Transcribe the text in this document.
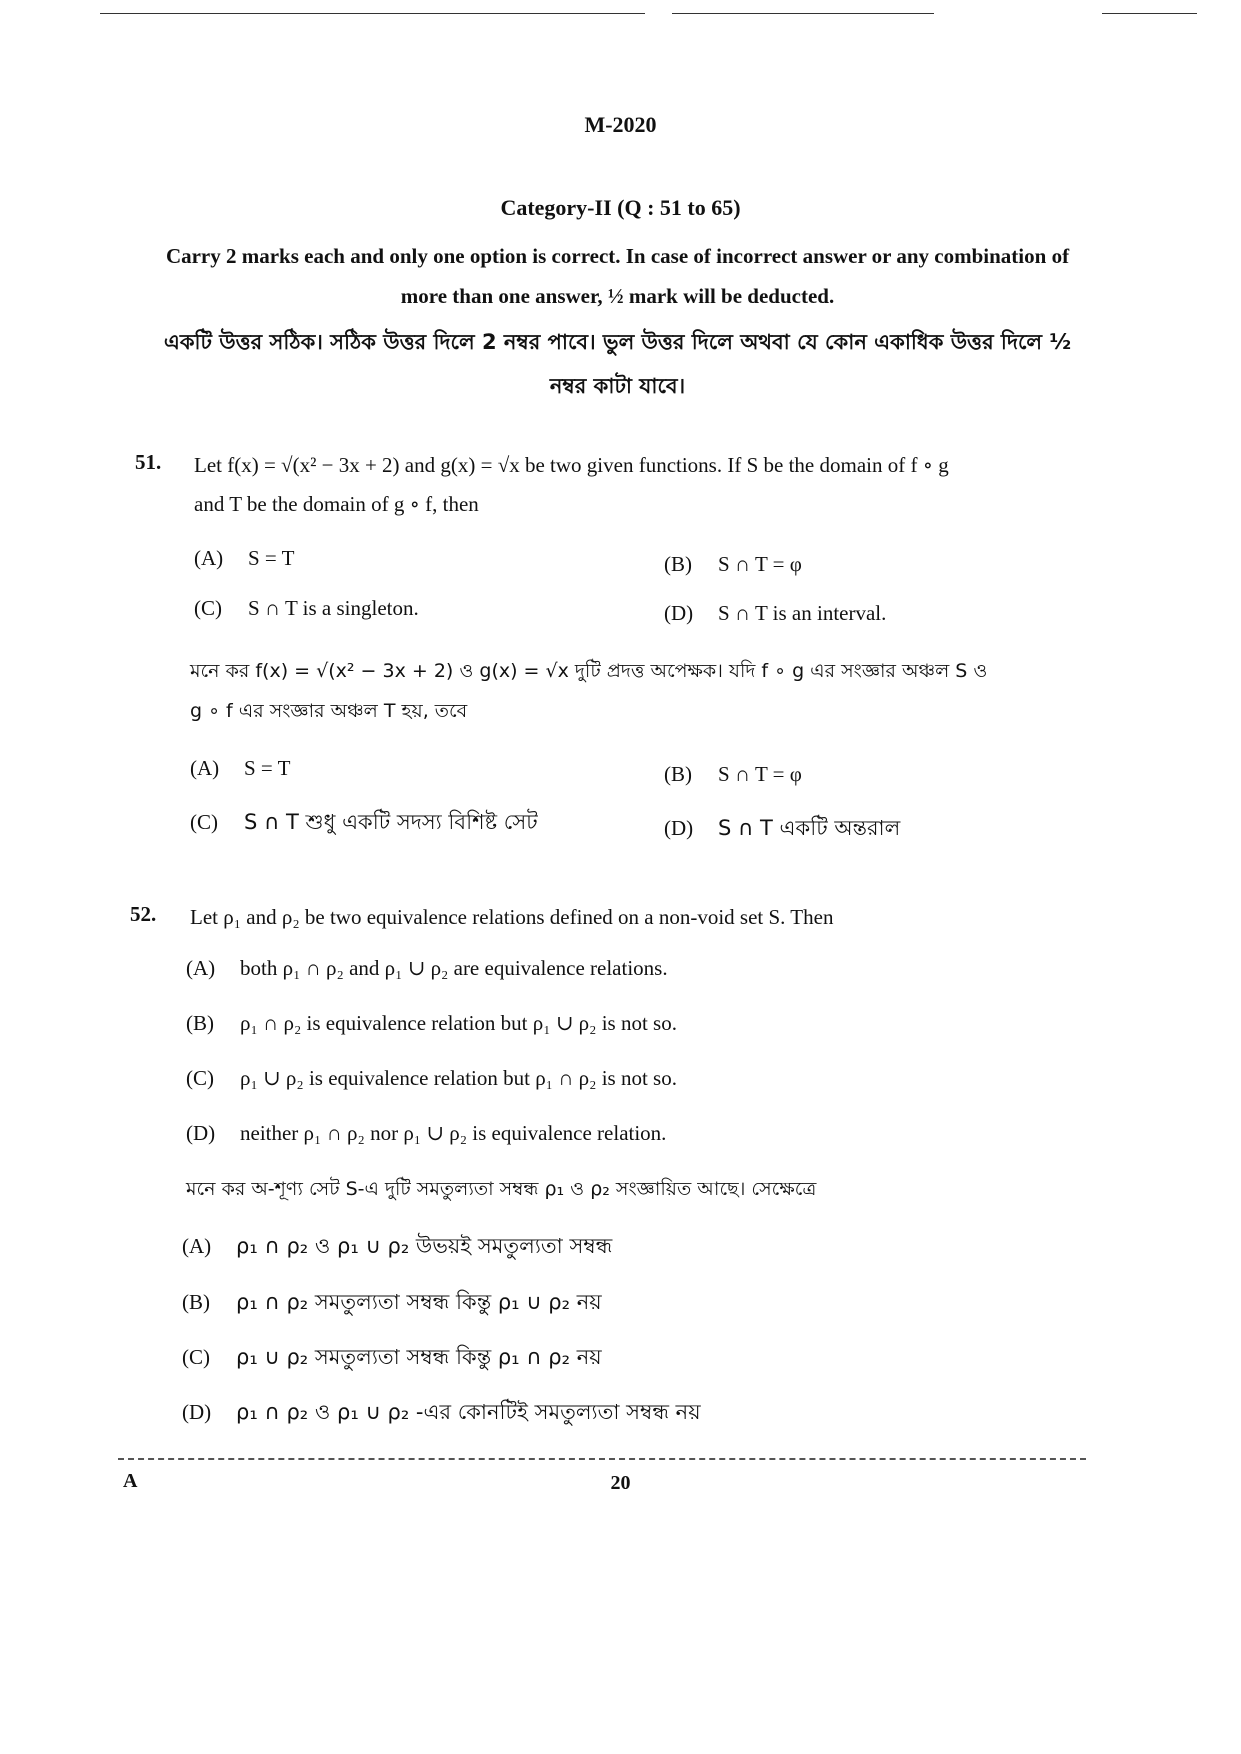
M-2020
Category-II (Q : 51 to 65)
Carry 2 marks each and only one option is correct. In case of incorrect answer or any combination of more than one answer, ½ mark will be deducted.
একটি উত্তর সঠিক। সঠিক উত্তর দিলে 2 নম্বর পাবে। ভুল উত্তর দিলে অথবা যে কোন একাধিক উত্তর দিলে ½ নম্বর কাটা যাবে।
51. Let f(x) = √(x² − 3x + 2) and g(x) = √x be two given functions. If S be the domain of f ∘ g
and T be the domain of g ∘ f, then
(A) S = T	(B) S ∩ T = φ
(C) S ∩ T is a singleton.	(D) S ∩ T is an interval.
মনে কর f(x) = √(x² − 3x + 2) ও g(x) = √x দুটি প্রদত্ত অপেক্ষক। যদি f ∘ g এর সংজ্ঞার অঞ্চল S ও
g ∘ f এর সংজ্ঞার অঞ্চল T হয়, তবে
(A) S = T	(B) S ∩ T = φ
(C) S ∩ T শুধু একটি সদস্য বিশিষ্ট সেট	(D) S ∩ T একটি অন্তরাল
52. Let ρ₁ and ρ₂ be two equivalence relations defined on a non-void set S. Then
(A) both ρ₁ ∩ ρ₂ and ρ₁ ∪ ρ₂ are equivalence relations.
(B) ρ₁ ∩ ρ₂ is equivalence relation but ρ₁ ∪ ρ₂ is not so.
(C) ρ₁ ∪ ρ₂ is equivalence relation but ρ₁ ∩ ρ₂ is not so.
(D) neither ρ₁ ∩ ρ₂ nor ρ₁ ∪ ρ₂ is equivalence relation.
মনে কর অ-শূণ্য সেট S-এ দুটি সমতুল্যতা সম্বন্ধ ρ₁ ও ρ₂ সংজ্ঞায়িত আছে। সেক্ষেত্রে
(A) ρ₁ ∩ ρ₂ ও ρ₁ ∪ ρ₂ উভয়ই সমতুল্যতা সম্বন্ধ
(B) ρ₁ ∩ ρ₂ সমতুল্যতা সম্বন্ধ কিন্তু ρ₁ ∪ ρ₂ নয়
(C) ρ₁ ∪ ρ₂ সমতুল্যতা সম্বন্ধ কিন্তু ρ₁ ∩ ρ₂ নয়
(D) ρ₁ ∩ ρ₂ ও ρ₁ ∪ ρ₂ -এর কোনটিই সমতুল্যতা সম্বন্ধ নয়
A	20
